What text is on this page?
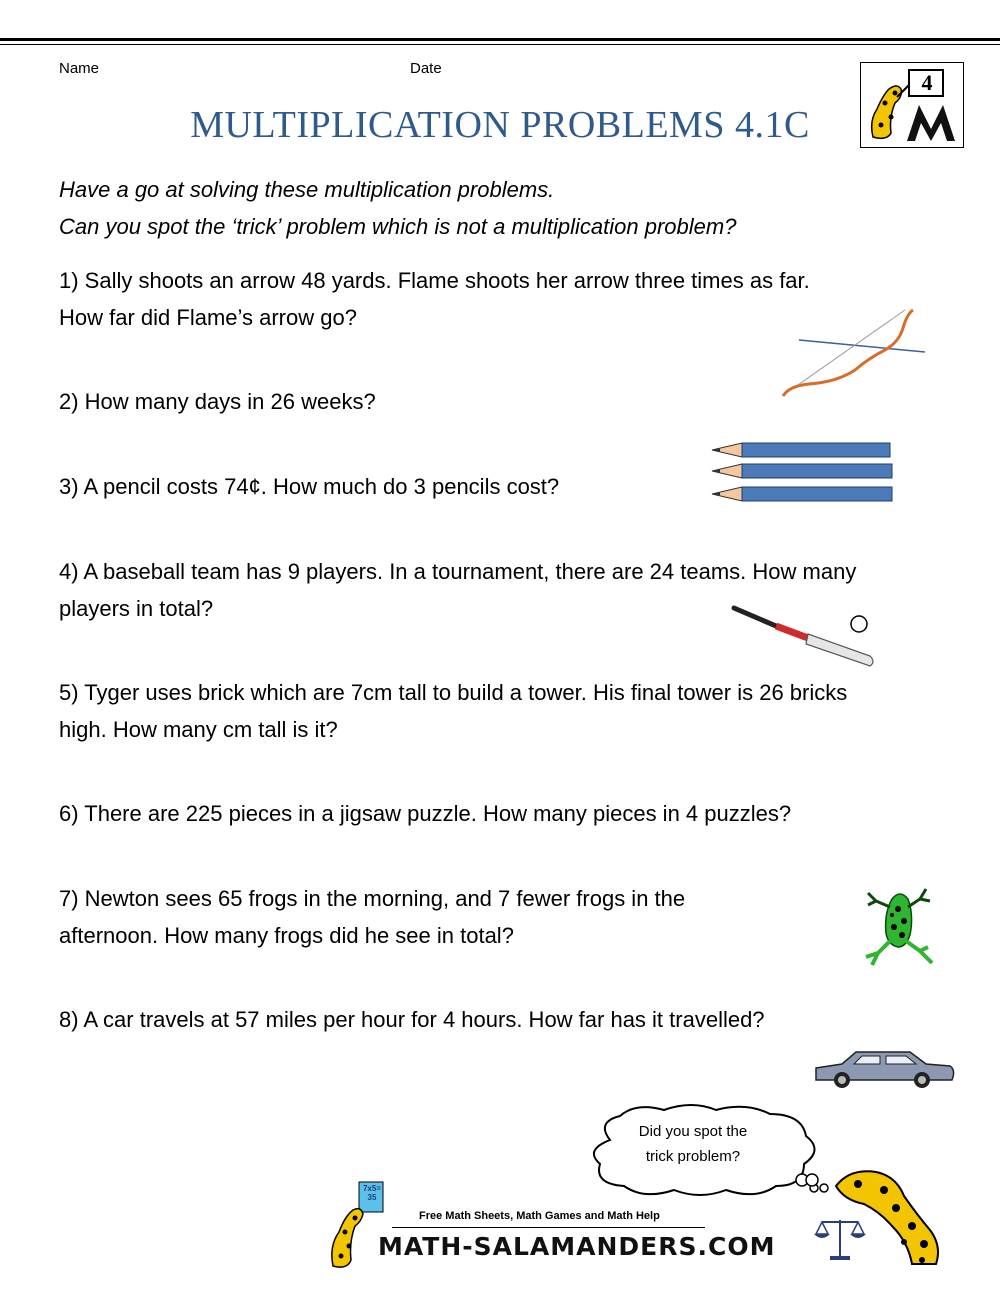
Name	Date
4
MULTIPLICATION PROBLEMS 4.1C
Have a go at solving these multiplication problems.
Can you spot the ‘trick’ problem which is not a multiplication problem?
1) Sally shoots an arrow 48 yards. Flame shoots her arrow three times as far.
How far did Flame’s arrow go?
2) How many days in 26 weeks?
3) A pencil costs 74¢. How much do 3 pencils cost?
4) A baseball team has 9 players. In a tournament, there are 24 teams. How many
players in total?
5) Tyger uses brick which are 7cm tall to build a tower. His final tower is 26 bricks
high. How many cm tall is it?
6) There are 225 pieces in a jigsaw puzzle. How many pieces in 4 puzzles?
7) Newton sees 65 frogs in the morning, and 7 fewer frogs in the
afternoon. How many frogs did he see in total?
8) A car travels at 57 miles per hour for 4 hours. How far has it travelled?
Did you spot the
trick problem?
7x5= 35
Free Math Sheets, Math Games and Math Help
MATH-SALAMANDERS.COM
